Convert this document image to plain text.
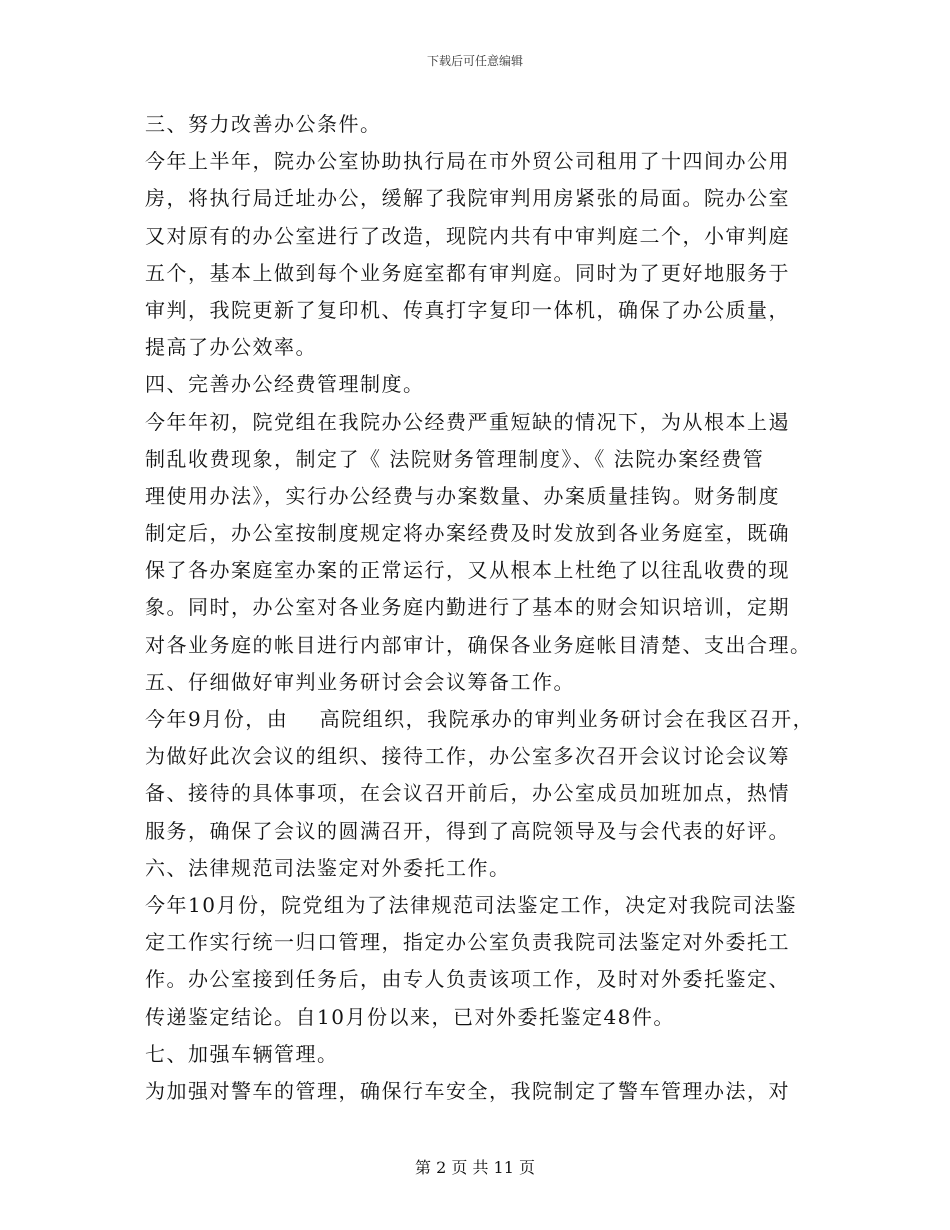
下载后可任意编辑
三、努力改善办公条件。
今年上半年，院办公室协助执行局在市外贸公司租用了十四间办公用
房，将执行局迁址办公，缓解了我院审判用房紧张的局面。院办公室
又对原有的办公室进行了改造，现院内共有中审判庭二个，小审判庭
五个，基本上做到每个业务庭室都有审判庭。同时为了更好地服务于
审判，我院更新了复印机、传真打字复印一体机，确保了办公质量，
提高了办公效率。
四、完善办公经费管理制度。
今年年初，院党组在我院办公经费严重短缺的情况下，为从根本上遏
制乱收费现象，制定了《 法院财务管理制度》、《 法院办案经费管
理使用办法》，实行办公经费与办案数量、办案质量挂钩。财务制度
制定后，办公室按制度规定将办案经费及时发放到各业务庭室，既确
保了各办案庭室办案的正常运行，又从根本上杜绝了以往乱收费的现
象。同时，办公室对各业务庭内勤进行了基本的财会知识培训，定期
对各业务庭的帐目进行内部审计，确保各业务庭帐目清楚、支出合理。
五、仔细做好审判业务研讨会会议筹备工作。
今年9月份，由    高院组织，我院承办的审判业务研讨会在我区召开，
为做好此次会议的组织、接待工作，办公室多次召开会议讨论会议筹
备、接待的具体事项，在会议召开前后，办公室成员加班加点，热情
服务，确保了会议的圆满召开，得到了高院领导及与会代表的好评。
六、法律规范司法鉴定对外委托工作。
今年10月份，院党组为了法律规范司法鉴定工作，决定对我院司法鉴
定工作实行统一归口管理，指定办公室负责我院司法鉴定对外委托工
作。办公室接到任务后，由专人负责该项工作，及时对外委托鉴定、
传递鉴定结论。自10月份以来，已对外委托鉴定48件。
七、加强车辆管理。
为加强对警车的管理，确保行车安全，我院制定了警车管理办法，对
第 2 页 共 11 页
